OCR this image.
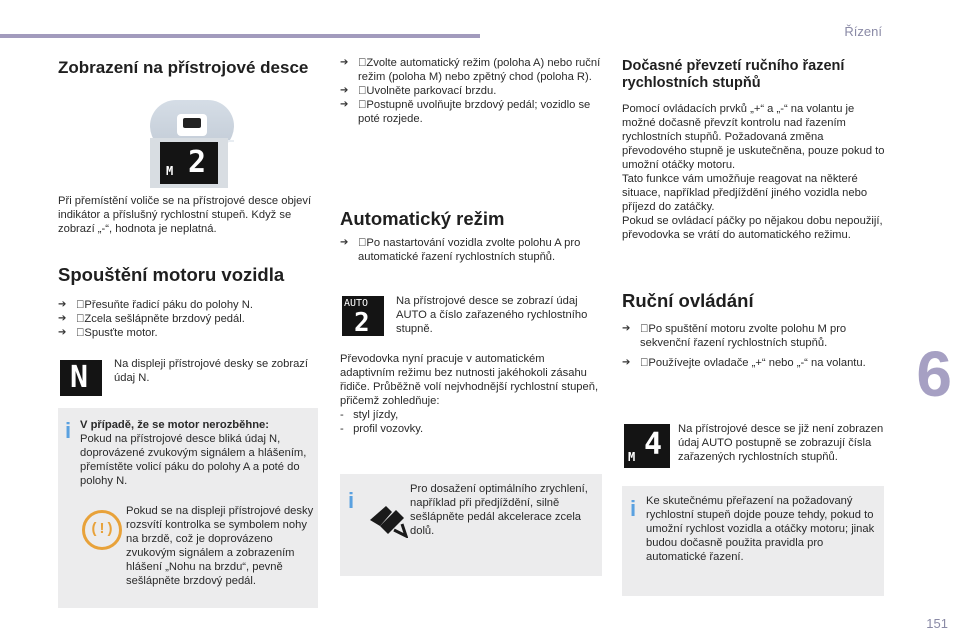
Řízení
6
151
Zobrazení na přístrojové desce
M 2

Při přemístění voliče se na přístrojové desce objeví indikátor a příslušný rychlostní stupeň. Když se zobrazí „-“, hodnota je neplatná.

Spouštění motoru vozidla
➔ Přesuňte řadicí páku do polohy N.
➔ Zcela sešlápněte brzdový pedál.
➔ Spusťte motor.
N Na displeji přístrojové desky se zobrazí údaj N.

i

V případě, že se motor nerozběhne:

Pokud na přístrojové desce bliká údaj N, doprovázené zvukovým signálem a hlášením, přemístěte volicí páku do polohy A a poté do polohy N.

( ! )

Pokud se na displeji přístrojové desky rozsvítí kontrolka se symbolem nohy na brzdě, což je doprovázeno zvukovým signálem a zobrazením hlášení „Nohu na brzdu“, pevně sešlápněte brzdový pedál.

➔ Zvolte automatický režim (poloha A) nebo ruční režim (poloha M) nebo zpětný chod (poloha R).
➔ Uvolněte parkovací brzdu.
➔ Postupně uvolňujte brzdový pedál; vozidlo se poté rozjede.
Automatický režim
➔ Po nastartování vozidla zvolte polohu A pro automatické řazení rychlostních stupňů.
AUTO
2

Na přístrojové desce se zobrazí údaj AUTO a číslo zařazeného rychlostního stupně.

Převodovka nyní pracuje v automatickém adaptivním režimu bez nutnosti jakéhokoli zásahu řidiče. Průběžně volí nejvhodnější rychlostní stupeň, přičemž zohledňuje:

-   styl jízdy,
-   profil vozovky.
i

Pro dosažení optimálního zrychlení, například při předjíždění, silně sešlápněte pedál akcelerace zcela dolů.

Dočasné převzetí ručního řazení rychlostních stupňů

Pomocí ovládacích prvků „+“ a „-“ na volantu je možné dočasně převzít kontrolu nad řazením rychlostních stupňů. Požadovaná změna převodového stupně je uskutečněna, pouze pokud to umožní otáčky motoru.
Tato funkce vám umožňuje reagovat na některé situace, například předjíždění jiného vozidla nebo příjezd do zatáčky.
Pokud se ovládací páčky po nějakou dobu nepoužijí, převodovka se vrátí do automatického režimu.

Ruční ovládání
➔ Po spuštění motoru zvolte polohu M pro sekvenční řazení rychlostních stupňů.
➔ Používejte ovladače „+“ nebo „-“ na volantu.
M 4 Na přístrojové desce se již není zobrazen údaj AUTO postupně se zobrazují čísla zařazených rychlostních stupňů.

i

Ke skutečnému přeřazení na požadovaný rychlostní stupeň dojde pouze tehdy, pokud to umožní rychlost vozidla a otáčky motoru; jinak budou dočasně použita pravidla pro automatické řazení.
